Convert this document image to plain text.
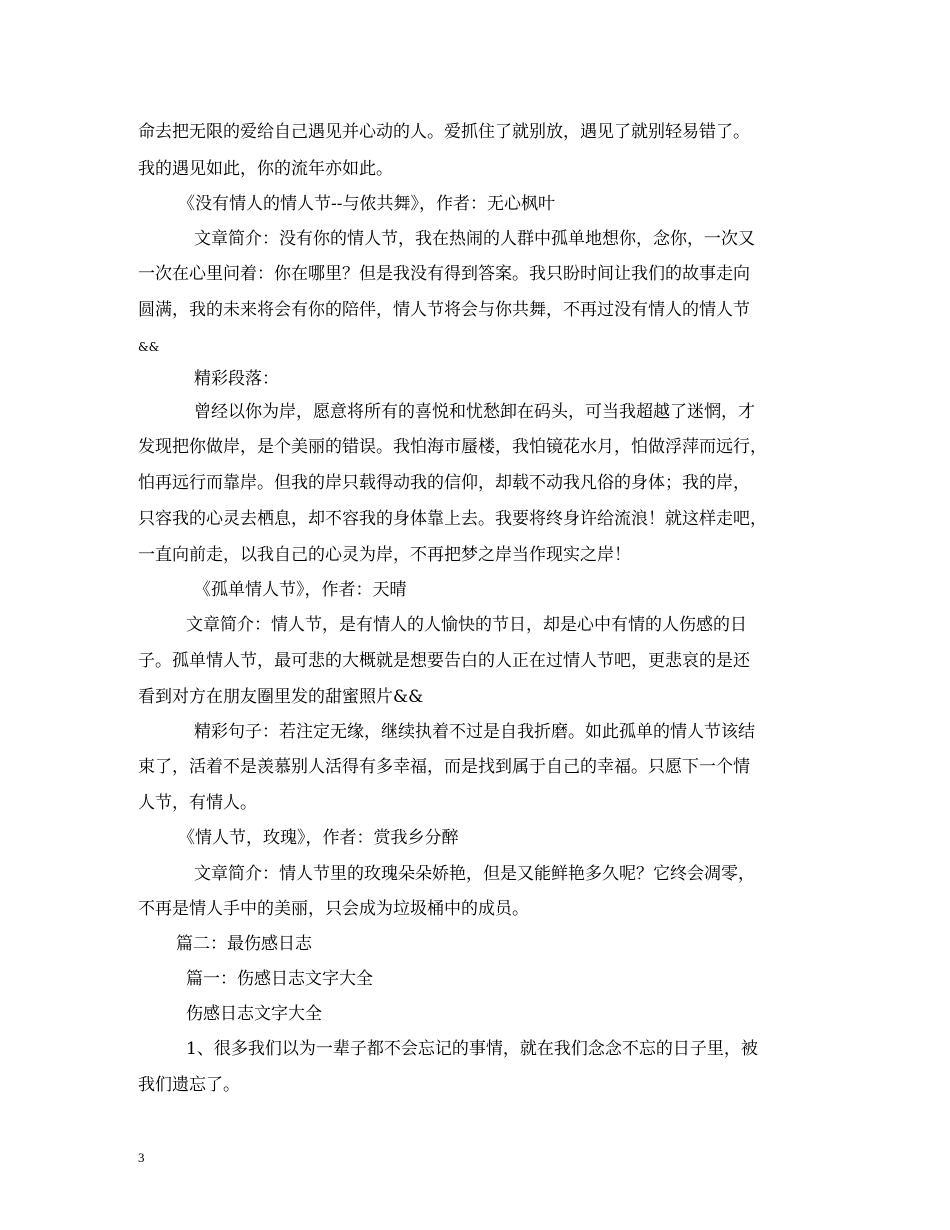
命去把无限的爱给自己遇见并心动的人。爱抓住了就别放，遇见了就别轻易错了。
我的遇见如此，你的流年亦如此。
《没有情人的情人节--与侬共舞》，作者：无心枫叶
文章简介：没有你的情人节，我在热闹的人群中孤单地想你，念你，一次又
一次在心里问着：你在哪里？但是我没有得到答案。我只盼时间让我们的故事走向
圆满，我的未来将会有你的陪伴，情人节将会与你共舞，不再过没有情人的情人节
&&
精彩段落：
曾经以你为岸，愿意将所有的喜悦和忧愁卸在码头，可当我超越了迷惘，才
发现把你做岸，是个美丽的错误。我怕海市蜃楼，我怕镜花水月，怕做浮萍而远行，
怕再远行而靠岸。但我的岸只载得动我的信仰，却载不动我凡俗的身体；我的岸，
只容我的心灵去栖息，却不容我的身体靠上去。我要将终身许给流浪！就这样走吧，
一直向前走，以我自己的心灵为岸，不再把梦之岸当作现实之岸！
《孤单情人节》，作者：天晴
文章简介：情人节，是有情人的人愉快的节日，却是心中有情的人伤感的日
子。孤单情人节，最可悲的大概就是想要告白的人正在过情人节吧，更悲哀的是还
看到对方在朋友圈里发的甜蜜照片&&
精彩句子：若注定无缘，继续执着不过是自我折磨。如此孤单的情人节该结
束了，活着不是羡慕别人活得有多幸福，而是找到属于自己的幸福。只愿下一个情
人节，有情人。
《情人节，玫瑰》，作者：赏我乡分醉
文章简介：情人节里的玫瑰朵朵娇艳，但是又能鲜艳多久呢？它终会凋零，
不再是情人手中的美丽，只会成为垃圾桶中的成员。
篇二：最伤感日志
篇一：伤感日志文字大全
伤感日志文字大全
1、很多我们以为一辈子都不会忘记的事情，就在我们念念不忘的日子里，被
我们遗忘了。
3
